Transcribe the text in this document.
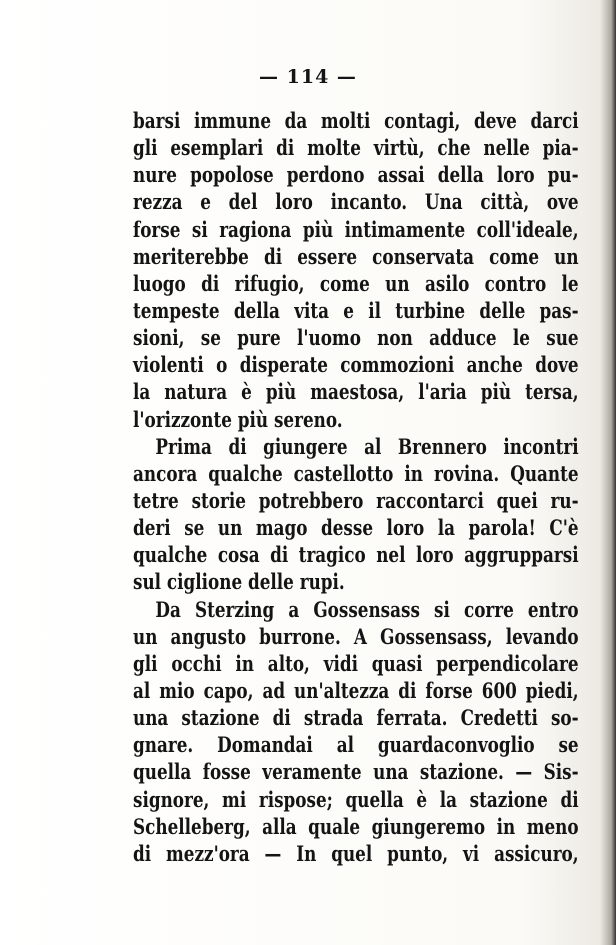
— 114 —

barsi immune da molti contagi, deve darci
gli esemplari di molte virtù, che nelle pia-
nure popolose perdono assai della loro pu-
rezza e del loro incanto. Una città, ove
forse si ragiona più intimamente coll'ideale,
meriterebbe di essere conservata come un
luogo di rifugio, come un asilo contro le
tempeste della vita e il turbine delle pas-
sioni, se pure l'uomo non adduce le sue
violenti o disperate commozioni anche dove
la natura è più maestosa, l'aria più tersa,
l'orizzonte più sereno.
Prima di giungere al Brennero incontri
ancora qualche castellotto in rovina. Quante
tetre storie potrebbero raccontarci quei ru-
deri se un mago desse loro la parola! C'è
qualche cosa di tragico nel loro aggrupparsi
sul ciglione delle rupi.
Da Sterzing a Gossensass si corre entro
un angusto burrone. A Gossensass, levando
gli occhi in alto, vidi quasi perpendicolare
al mio capo, ad un'altezza di forse 600 piedi,
una stazione di strada ferrata. Credetti so-
gnare. Domandai al guardaconvoglio se
quella fosse veramente una stazione. — Sis-
signore, mi rispose; quella è la stazione di
Schelleberg, alla quale giungeremo in meno
di mezz'ora — In quel punto, vi assicuro,
